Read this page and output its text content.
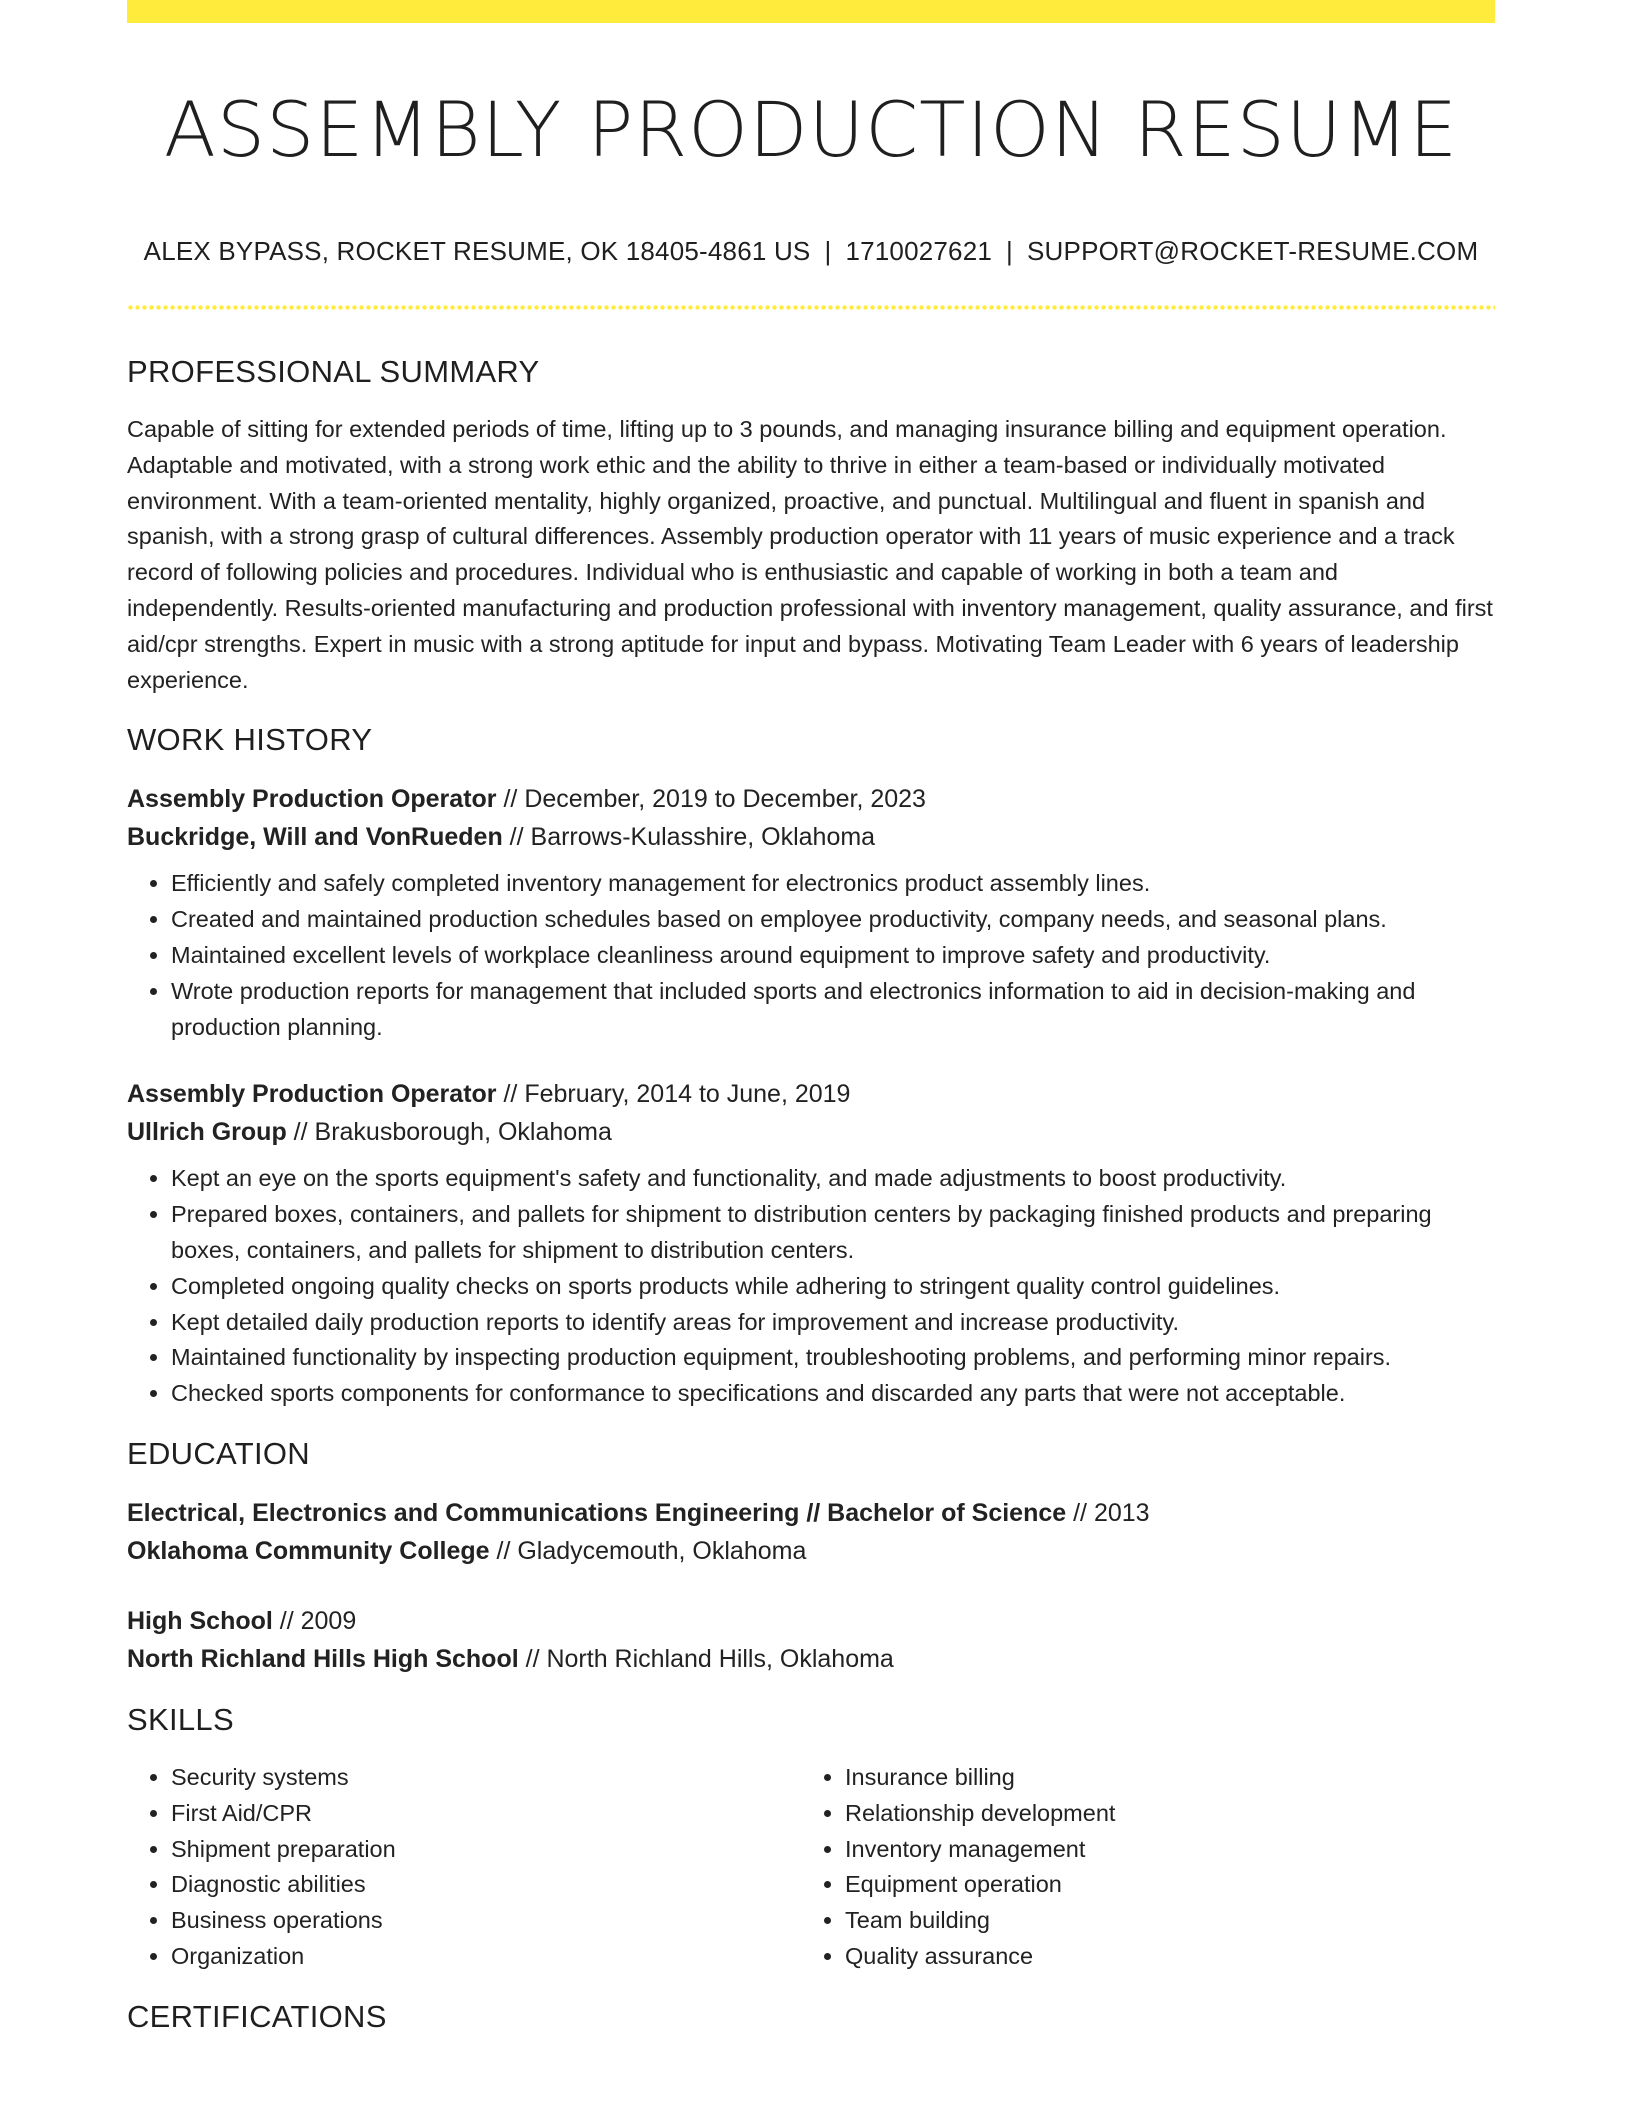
ASSEMBLY PRODUCTION RESUME
ALEX BYPASS, ROCKET RESUME, OK 18405-4861 US | 1710027621 | SUPPORT@ROCKET-RESUME.COM
PROFESSIONAL SUMMARY

Capable of sitting for extended periods of time, lifting up to 3 pounds, and managing insurance billing and equipment operation. Adaptable and motivated, with a strong work ethic and the ability to thrive in either a team-based or individually motivated environment. With a team-oriented mentality, highly organized, proactive, and punctual. Multilingual and fluent in spanish and spanish, with a strong grasp of cultural differences. Assembly production operator with 11 years of music experience and a track record of following policies and procedures. Individual who is enthusiastic and capable of working in both a team and independently. Results-oriented manufacturing and production professional with inventory management, quality assurance, and first aid/cpr strengths. Expert in music with a strong aptitude for input and bypass. Motivating Team Leader with 6 years of leadership experience.

WORK HISTORY
Assembly Production Operator // December, 2019 to December, 2023
Buckridge, Will and VonRueden // Barrows-Kulasshire, Oklahoma
• Efficiently and safely completed inventory management for electronics product assembly lines.
• Created and maintained production schedules based on employee productivity, company needs, and seasonal plans.
• Maintained excellent levels of workplace cleanliness around equipment to improve safety and productivity.
• Wrote production reports for management that included sports and electronics information to aid in decision-making and production planning.
Assembly Production Operator // February, 2014 to June, 2019
Ullrich Group // Brakusborough, Oklahoma
• Kept an eye on the sports equipment's safety and functionality, and made adjustments to boost productivity.
• Prepared boxes, containers, and pallets for shipment to distribution centers by packaging finished products and preparing boxes, containers, and pallets for shipment to distribution centers.
• Completed ongoing quality checks on sports products while adhering to stringent quality control guidelines.
• Kept detailed daily production reports to identify areas for improvement and increase productivity.
• Maintained functionality by inspecting production equipment, troubleshooting problems, and performing minor repairs.
• Checked sports components for conformance to specifications and discarded any parts that were not acceptable.
EDUCATION
Electrical, Electronics and Communications Engineering // Bachelor of Science // 2013
Oklahoma Community College // Gladycemouth, Oklahoma
High School // 2009
North Richland Hills High School // North Richland Hills, Oklahoma
SKILLS
• Security systems
• First Aid/CPR
• Shipment preparation
• Diagnostic abilities
• Business operations
• Organization
• Insurance billing
• Relationship development
• Inventory management
• Equipment operation
• Team building
• Quality assurance
CERTIFICATIONS
